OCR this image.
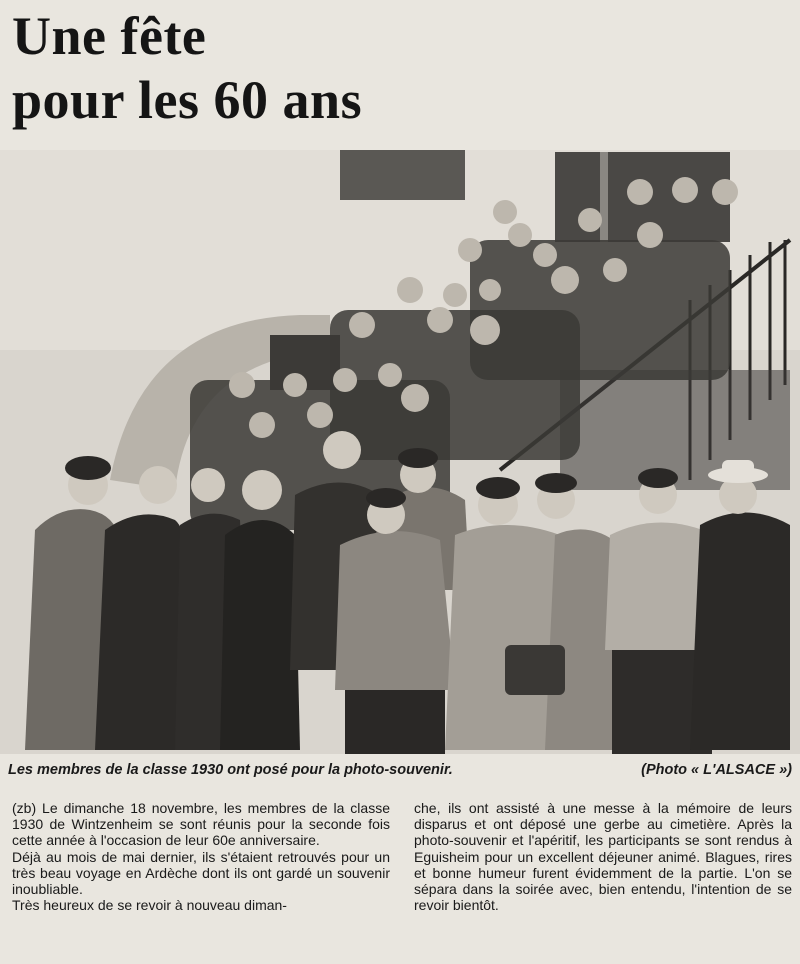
Une fête
pour les 60 ans
Les membres de la classe 1930 ont posé pour la photo-souvenir.	(Photo « L'ALSACE »)

(zb) Le dimanche 18 novembre, les membres de la classe 1930 de Wintzenheim se sont réunis pour la seconde fois cette année à l'occasion de leur 60e anniversaire.

Déjà au mois de mai dernier, ils s'étaient retrouvés pour un très beau voyage en Ardèche dont ils ont gardé un souvenir inoubliable.

Très heureux de se revoir à nouveau diman-

che, ils ont assisté à une messe à la mémoire de leurs disparus et ont déposé une gerbe au cimetière. Après la photo-souvenir et l'apéritif, les participants se sont rendus à Eguisheim pour un excellent déjeuner animé. Blagues, rires et bonne humeur furent évidemment de la partie. L'on se sépara dans la soirée avec, bien entendu, l'intention de se revoir bientôt.
